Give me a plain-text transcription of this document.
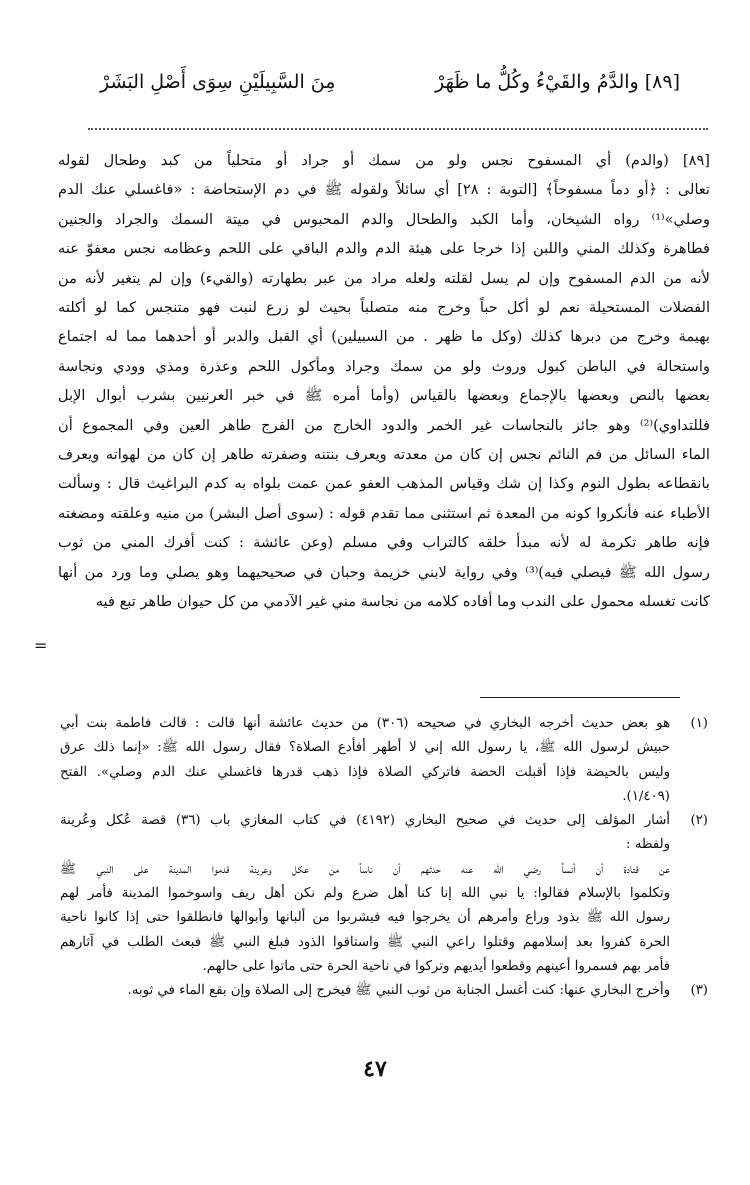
[٨٩] والدَّمُ والقَيْءُ وكُلُّ ما ظَهَرْ
مِنَ السَّبِيلَيْنِ سِوَى أَصْلِ البَشَرْ

[٨٩] (والدم) أي المسفوح نجس ولو من سمك أو جراد أو متحلياً من كبد وطحال لقوله

تعالى : ﴿أو دماً مسفوحاً﴾ [التوبة : ٢٨] أي سائلاً ولقوله ﷺ في دم الإستحاضة : «فاغسلي عنك الدم

وصلي»⁽¹⁾ رواه الشيخان، وأما الكبد والطحال والدم المحبوس في ميتة السمك والجراد والجنين

فطاهرة وكذلك المني واللبن إذا خرجا على هيئة الدم والدم الباقي على اللحم وعظامه نجس معفوّ عنه

لأنه من الدم المسفوح وإن لم يسل لقلته ولعله مراد من عبر بطهارته (والقيء) وإن لم يتغير لأنه من

الفضلات المستحيلة نعم لو أكل حباً وخرج منه متصلباً بحيث لو زرع لنبت فهو متنجس كما لو أكلته

بهيمة وخرج من دبرها كذلك (وكل ما ظهر . من السبيلين) أي القبل والدبر أو أحدهما مما له اجتماع

واستحالة في الباطن كبول وروث ولو من سمك وجراد ومأكول اللحم وعذرة ومذي وودي ونجاسة

بعضها بالنص وبعضها بالإجماع وبعضها بالقياس (وأما أمره ﷺ في خبر العرنيين بشرب أبوال الإبل

فللتداوي)⁽²⁾ وهو جائز بالنجاسات غير الخمر والدود الخارج من الفرج طاهر العين وفي المجموع أن

الماء السائل من فم النائم نجس إن كان من معدته ويعرف بنتنه وصفرته طاهر إن كان من لهواته ويعرف

بانقطاعه بطول النوم وكذا إن شك وقياس المذهب العفو عمن عمت بلواه به كدم البراغيث قال : وسألت

الأطباء عنه فأنكروا كونه من المعدة ثم استثنى مما تقدم قوله : (سوى أصل البشر) من منيه وعلقته ومضغته

فإنه طاهر تكرمة له لأنه مبدأ خلقه كالتراب وفي مسلم (وعن عائشة : كنت أفرك المني من ثوب

رسول الله ﷺ فيصلي فيه)⁽³⁾ وفي رواية لابني خزيمة وحبان في صحيحيهما وهو يصلي وما ورد من أنها

كانت تغسله محمول على الندب وما أفاده كلامه من نجاسة مني غير الآدمي من كل حيوان طاهر تبع فيه

=
(١)
هو بعض حديث أخرجه البخاري في صحيحه (٣٠٦) من حديث عائشة أنها قالت : قالت فاطمة بنت أبي
حبيش لرسول الله ﷺ، يا رسول الله إني لا أطهر أفأدع الصلاة؟ فقال رسول الله ﷺ: «إنما ذلك عرق
وليس بالحيضة فإذا أقبلت الحضة فاتركي الصلاة فإذا ذهب قدرها فاغسلي عنك الدم وصلي». الفتح
(١/٤٠٩).
(٢)
أشار المؤلف إلى حديث في صحيح البخاري (٤١٩٢) في كتاب المغازي باب (٣٦) قصة عُكل وعُرينة
ولفظه :
عن قتادة أن أنساً رضي الله عنه حدثهم أن ناساً من عكل وعرينة قدموا المدينة على النبي ﷺ
وتكلموا بالإسلام فقالوا: يا نبي الله إنا كنا أهل ضرع ولم نكن أهل ريف واسوخموا المدينة فأمر لهم
رسول الله ﷺ بذود وراع وأمرهم أن يخرجوا فيه فيشربوا من ألبانها وأبوالها فانطلقوا حتى إذا كانوا ناحية
الحرة كفروا بعد إسلامهم وقتلوا راعي النبي ﷺ واستاقوا الذود فبلغ النبي ﷺ فبعث الطلب في آثارهم
فأمر بهم فسمروا أعينهم وقطعوا أيديهم وتركوا في ناحية الحرة حتى ماتوا على حالهم.
(٣)
وأخرج البخاري عنها: كنت أغسل الجنابة من ثوب النبي ﷺ فيخرج إلى الصلاة وإن بقع الماء في ثوبه.
٤٧
